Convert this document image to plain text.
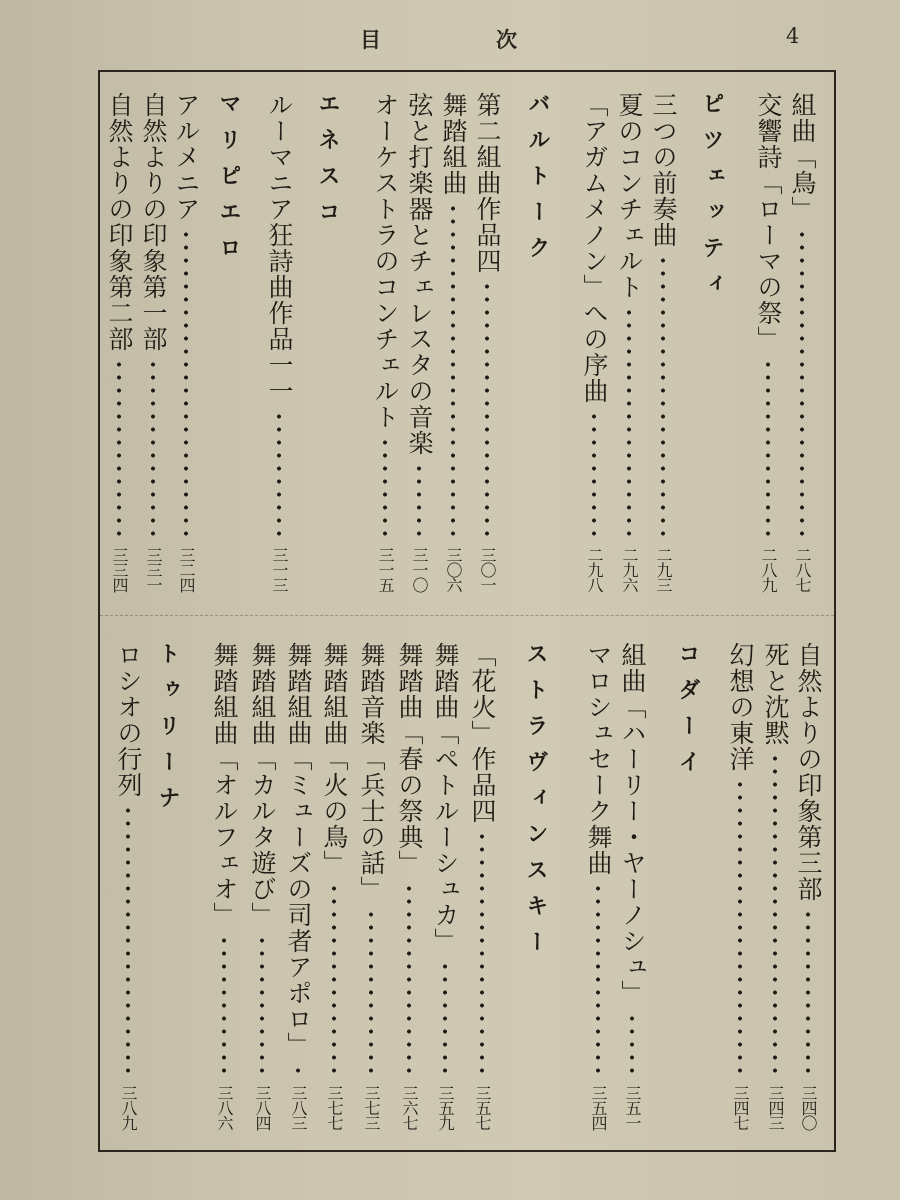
目	次	4
組曲「鳥」
二八七
交響詩「ローマの祭」
二八九
ピツェッティ
三つの前奏曲
二九三
夏のコンチェルト
二九六
「アガムメノン」への序曲
二九八
バルトーク
第二組曲作品四
三〇一
舞踏組曲
三〇六
弦と打楽器とチェレスタの音楽
三一〇
オーケストラのコンチェルト
三一五
エネスコ
ルーマニア狂詩曲作品一一
三一三
マリピエロ
アルメニア
三二四
自然よりの印象第一部
三三一
自然よりの印象第二部
三三四
自然よりの印象第三部
三四〇
死と沈黙
三四三
幻想の東洋
三四七
コダーイ
組曲「ハーリー・ヤーノシュ」
三五一
マロシュセーク舞曲
三五四
ストラヴィンスキー
「花火」作品四
三五七
舞踏曲「ペトルーシュカ」
三五九
舞踏曲「春の祭典」
三六七
舞踏音楽「兵士の話」
三七三
舞踏組曲「火の鳥」
三七七
舞踏組曲「ミューズの司者アポロ」
三八三
舞踏組曲「カルタ遊び」
三八四
舞踏組曲「オルフェオ」
三八六
トゥリーナ
ロシオの行列
三八九
